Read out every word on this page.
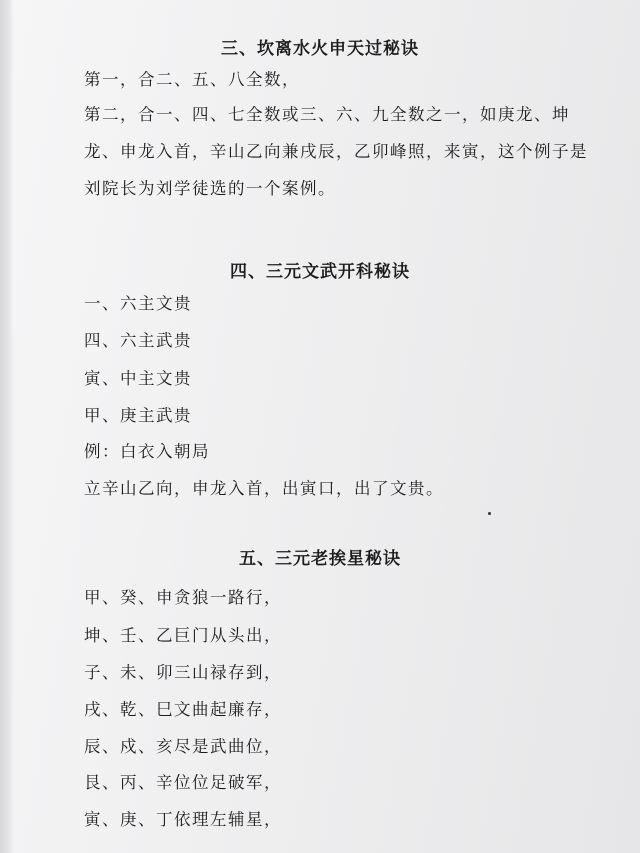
三、坎离水火申天过秘诀
第一，合二、五、八全数，
第二，合一、四、七全数或三、六、九全数之一，如庚龙、坤龙、申龙入首，辛山乙向兼戌辰，乙卯峰照，来寅，这个例子是刘院长为刘学徒选的一个案例。
四、三元文武开科秘诀
一、六主文贵
四、六主武贵
寅、中主文贵
甲、庚主武贵
例：白衣入朝局
立辛山乙向，申龙入首，出寅口，出了文贵。
五、三元老挨星秘诀
甲、癸、申贪狼一路行，
坤、壬、乙巨门从头出，
子、未、卯三山禄存到，
戌、乾、巳文曲起廉存，
辰、戍、亥尽是武曲位，
艮、丙、辛位位足破军，
寅、庚、丁依理左辅星，
